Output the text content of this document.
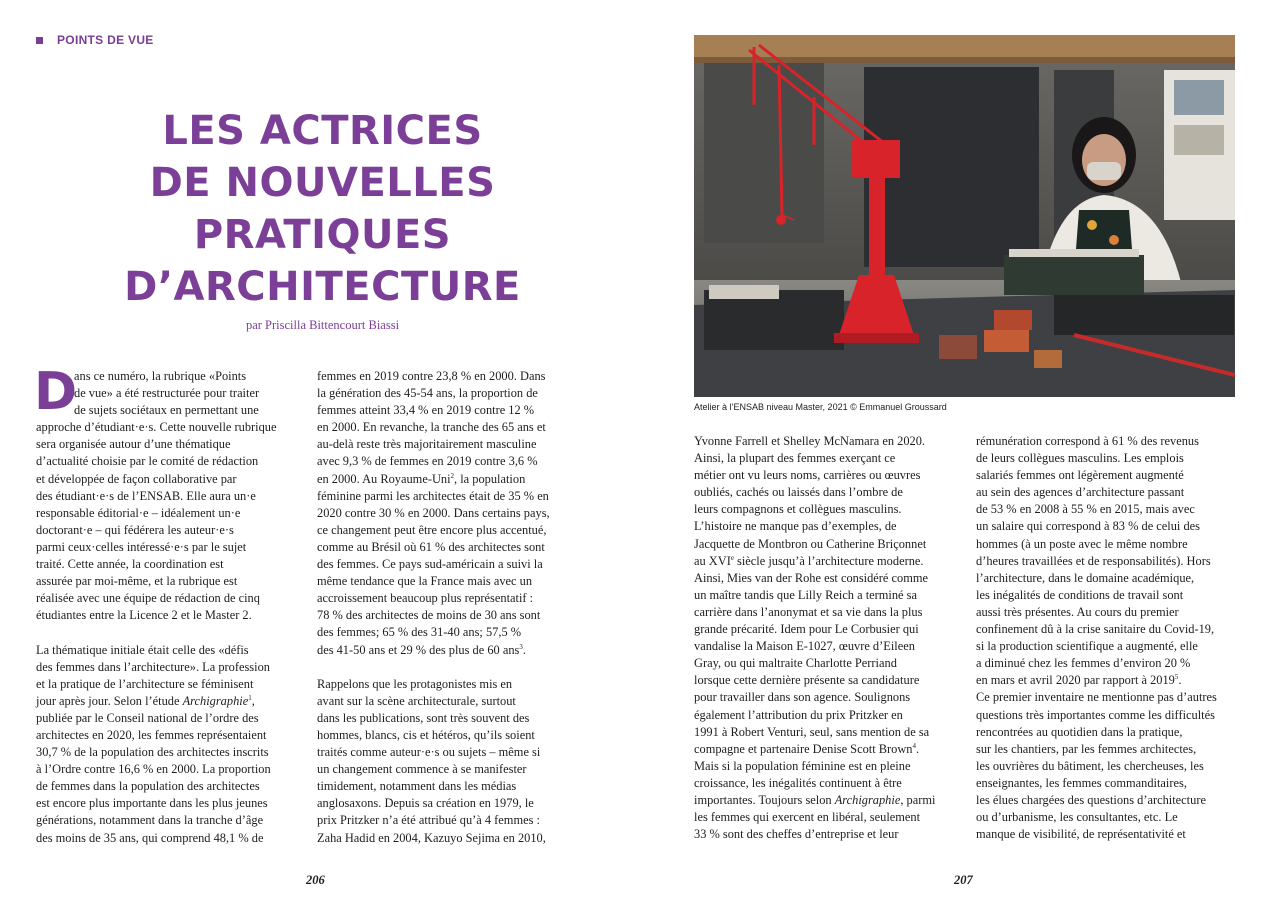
POINTS DE VUE
LES ACTRICES
DE NOUVELLES
PRATIQUES
D’ARCHITECTURE
par Priscilla Bittencourt Biassi
D
ans ce numéro, la rubrique «Points
de vue» a été restructurée pour traiter
de sujets sociétaux en permettant une
approche d’étudiant·e·s. Cette nouvelle rubrique
sera organisée autour d’une thématique
d’actualité choisie par le comité de rédaction
et développée de façon collaborative par
des étudiant·e·s de l’ENSAB. Elle aura un·e
responsable éditorial·e – idéalement un·e
doctorant·e – qui fédérera les auteur·e·s
parmi ceux·celles intéressé·e·s par le sujet
traité. Cette année, la coordination est
assurée par moi-même, et la rubrique est
réalisée avec une équipe de rédaction de cinq
étudiantes entre la Licence 2 et le Master 2.
La thématique initiale était celle des «défis
des femmes dans l’architecture». La profession
et la pratique de l’architecture se féminisent
jour après jour. Selon l’étude Archigraphie$^1$,
publiée par le Conseil national de l’ordre des
architectes en 2020, les femmes représentaient
30,7 % de la population des architectes inscrits
à l’Ordre contre 16,6 % en 2000. La proportion
de femmes dans la population des architectes
est encore plus importante dans les plus jeunes
générations, notamment dans la tranche d’âge
des moins de 35 ans, qui comprend 48,1 % de
femmes en 2019 contre 23,8 % en 2000. Dans
la génération des 45-54 ans, la proportion de
femmes atteint 33,4 % en 2019 contre 12 %
en 2000. En revanche, la tranche des 65 ans et
au-delà reste très majoritairement masculine
avec 9,3 % de femmes en 2019 contre 3,6 %
en 2000. Au Royaume-Uni$^2$, la population
féminine parmi les architectes était de 35 % en
2020 contre 30 % en 2000. Dans certains pays,
ce changement peut être encore plus accentué,
comme au Brésil où 61 % des architectes sont
des femmes. Ce pays sud-américain a suivi la
même tendance que la France mais avec un
accroissement beaucoup plus représentatif :
78 % des architectes de moins de 30 ans sont
des femmes; 65 % des 31-40 ans; 57,5 %
des 41-50 ans et 29 % des plus de 60 ans$^3$.
Rappelons que les protagonistes mis en
avant sur la scène architecturale, surtout
dans les publications, sont très souvent des
hommes, blancs, cis et hétéros, qu’ils soient
traités comme auteur·e·s ou sujets – même si
un changement commence à se manifester
timidement, notamment dans les médias
anglosaxons. Depuis sa création en 1979, le
prix Pritzker n’a été attribué qu’à 4 femmes :
Zaha Hadid en 2004, Kazuyo Sejima en 2010,
206
Atelier à l’ENSAB niveau Master, 2021 © Emmanuel Groussard
Yvonne Farrell et Shelley McNamara en 2020.
Ainsi, la plupart des femmes exerçant ce
métier ont vu leurs noms, carrières ou œuvres
oubliés, cachés ou laissés dans l’ombre de
leurs compagnons et collègues masculins.
L’histoire ne manque pas d’exemples, de
Jacquette de Montbron ou Catherine Briçonnet
au XVIe siècle jusqu’à l’architecture moderne.
Ainsi, Mies van der Rohe est considéré comme
un maître tandis que Lilly Reich a terminé sa
carrière dans l’anonymat et sa vie dans la plus
grande précarité. Idem pour Le Corbusier qui
vandalise la Maison E-1027, œuvre d’Eileen
Gray, ou qui maltraite Charlotte Perriand
lorsque cette dernière présente sa candidature
pour travailler dans son agence. Soulignons
également l’attribution du prix Pritzker en
1991 à Robert Venturi, seul, sans mention de sa
compagne et partenaire Denise Scott Brown$^4$.
Mais si la population féminine est en pleine
croissance, les inégalités continuent à être
importantes. Toujours selon Archigraphie, parmi
les femmes qui exercent en libéral, seulement
33 % sont des cheffes d’entreprise et leur
rémunération correspond à 61 % des revenus
de leurs collègues masculins. Les emplois
salariés femmes ont légèrement augmenté
au sein des agences d’architecture passant
de 53 % en 2008 à 55 % en 2015, mais avec
un salaire qui correspond à 83 % de celui des
hommes (à un poste avec le même nombre
d’heures travaillées et de responsabilités). Hors
l’architecture, dans le domaine académique,
les inégalités de conditions de travail sont
aussi très présentes. Au cours du premier
confinement dû à la crise sanitaire du Covid-19,
si la production scientifique a augmenté, elle
a diminué chez les femmes d’environ 20 %
en mars et avril 2020 par rapport à 2019$^5$.
Ce premier inventaire ne mentionne pas d’autres
questions très importantes comme les difficultés
rencontrées au quotidien dans la pratique,
sur les chantiers, par les femmes architectes,
les ouvrières du bâtiment, les chercheuses, les
enseignantes, les femmes commanditaires,
les élues chargées des questions d’architecture
ou d’urbanisme, les consultantes, etc. Le
manque de visibilité, de représentativité et
207
